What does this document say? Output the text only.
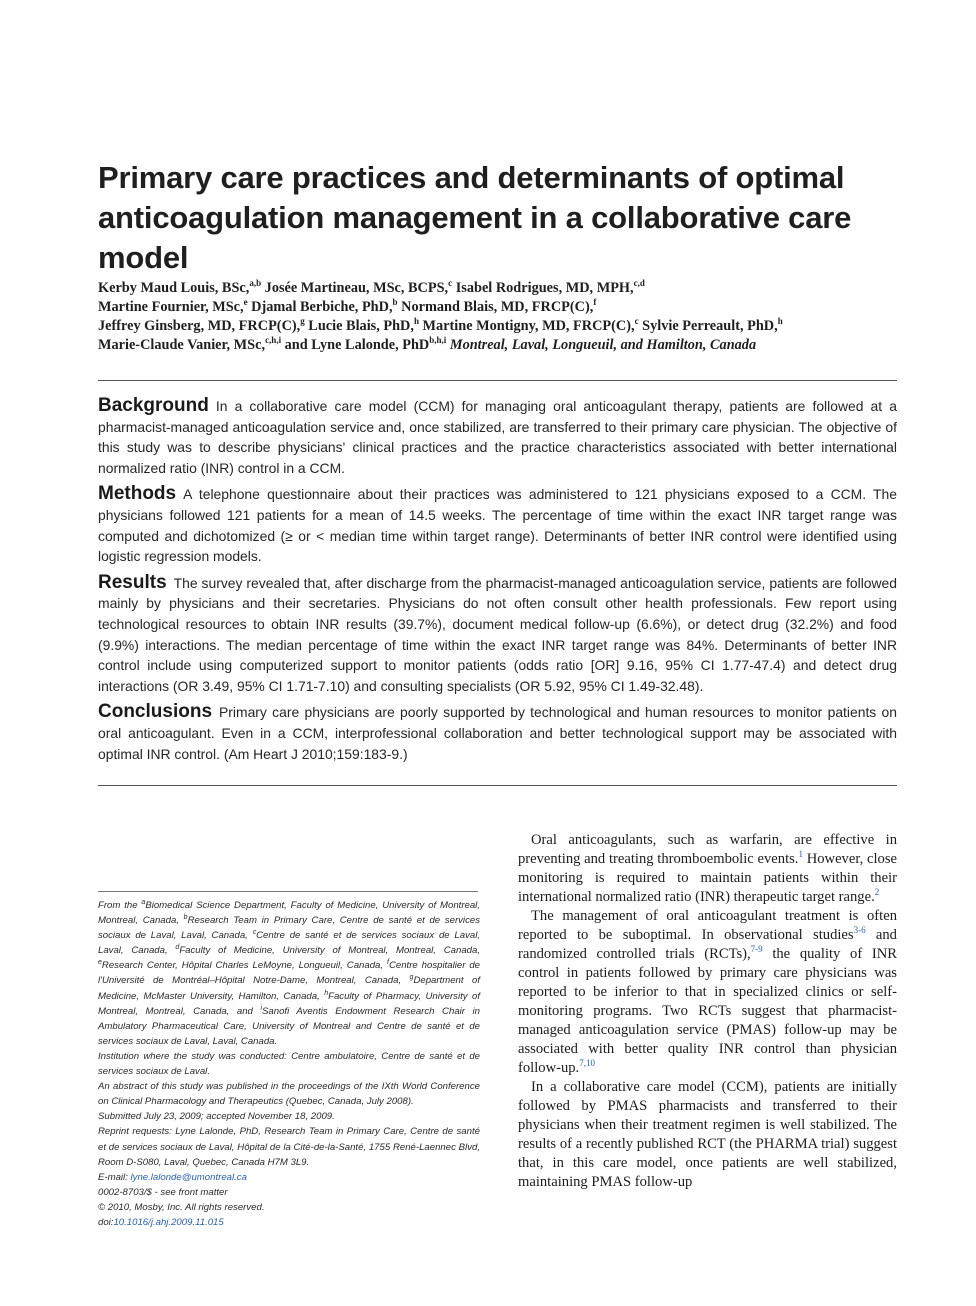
Primary care practices and determinants of optimal anticoagulation management in a collaborative care model
Kerby Maud Louis, BSc,$^{a,b}$ Josée Martineau, MSc, BCPS,$^c$ Isabel Rodrigues, MD, MPH,$^{c,d}$
Martine Fournier, MSc,$^e$ Djamal Berbiche, PhD,$^b$ Normand Blais, MD, FRCP(C),$^f$
Jeffrey Ginsberg, MD, FRCP(C),$^g$ Lucie Blais, PhD,$^h$ Martine Montigny, MD, FRCP(C),$^c$ Sylvie Perreault, PhD,$^h$
Marie-Claude Vanier, MSc,$^{c,h,i}$ and Lyne Lalonde, PhD$^{b,h,i}$ Montreal, Laval, Longueuil, and Hamilton, Canada

Background In a collaborative care model (CCM) for managing oral anticoagulant therapy, patients are followed at a pharmacist-managed anticoagulation service and, once stabilized, are transferred to their primary care physician. The objective of this study was to describe physicians' clinical practices and the practice characteristics associated with better international normalized ratio (INR) control in a CCM.

Methods A telephone questionnaire about their practices was administered to 121 physicians exposed to a CCM. The physicians followed 121 patients for a mean of 14.5 weeks. The percentage of time within the exact INR target range was computed and dichotomized (≥ or < median time within target range). Determinants of better INR control were identified using logistic regression models.

Results The survey revealed that, after discharge from the pharmacist-managed anticoagulation service, patients are followed mainly by physicians and their secretaries. Physicians do not often consult other health professionals. Few report using technological resources to obtain INR results (39.7%), document medical follow-up (6.6%), or detect drug (32.2%) and food (9.9%) interactions. The median percentage of time within the exact INR target range was 84%. Determinants of better INR control include using computerized support to monitor patients (odds ratio [OR] 9.16, 95% CI 1.77-47.4) and detect drug interactions (OR 3.49, 95% CI 1.71-7.10) and consulting specialists (OR 5.92, 95% CI 1.49-32.48).

Conclusions Primary care physicians are poorly supported by technological and human resources to monitor patients on oral anticoagulant. Even in a CCM, interprofessional collaboration and better technological support may be associated with optimal INR control. (Am Heart J 2010;159:183-9.)

From the $^a$Biomedical Science Department, Faculty of Medicine, University of Montreal, Montreal, Canada, $^b$Research Team in Primary Care, Centre de santé et de services sociaux de Laval, Laval, Canada, $^c$Centre de santé et de services sociaux de Laval, Laval, Canada, $^d$Faculty of Medicine, University of Montreal, Montreal, Canada, $^e$Research Center, Hôpital Charles LeMoyne, Longueuil, Canada, $^f$Centre hospitalier de l'Université de Montréal–Hôpital Notre-Dame, Montreal, Canada, $^g$Department of Medicine, McMaster University, Hamilton, Canada, $^h$Faculty of Pharmacy, University of Montreal, Montreal, Canada, and $^i$Sanofi Aventis Endowment Research Chair in Ambulatory Pharmaceutical Care, University of Montreal and Centre de santé et de services sociaux de Laval, Laval, Canada.

Institution where the study was conducted: Centre ambulatoire, Centre de santé et de services sociaux de Laval.

An abstract of this study was published in the proceedings of the IXth World Conference on Clinical Pharmacology and Therapeutics (Quebec, Canada, July 2008).

Submitted July 23, 2009; accepted November 18, 2009.

Reprint requests: Lyne Lalonde, PhD, Research Team in Primary Care, Centre de santé et de services sociaux de Laval, Hôpital de la Cité-de-la-Santé, 1755 René-Laennec Blvd, Room D-S080, Laval, Quebec, Canada H7M 3L9.

E-mail: lyne.lalonde@umontreal.ca

0002-8703/$ - see front matter

© 2010, Mosby, Inc. All rights reserved.

doi:10.1016/j.ahj.2009.11.015

Oral anticoagulants, such as warfarin, are effective in preventing and treating thromboembolic events.$^1$ However, close monitoring is required to maintain patients within their international normalized ratio (INR) therapeutic target range.$^2$

The management of oral anticoagulant treatment is often reported to be suboptimal. In observational studies$^{3-6}$ and randomized controlled trials (RCTs),$^{7-9}$ the quality of INR control in patients followed by primary care physicians was reported to be inferior to that in specialized clinics or self-monitoring programs. Two RCTs suggest that pharmacist-managed anticoagulation service (PMAS) follow-up may be associated with better quality INR control than physician follow-up.$^{7,10}$

In a collaborative care model (CCM), patients are initially followed by PMAS pharmacists and transferred to their physicians when their treatment regimen is well stabilized. The results of a recently published RCT (the PHARMA trial) suggest that, in this care model, once patients are well stabilized, maintaining PMAS follow-up
